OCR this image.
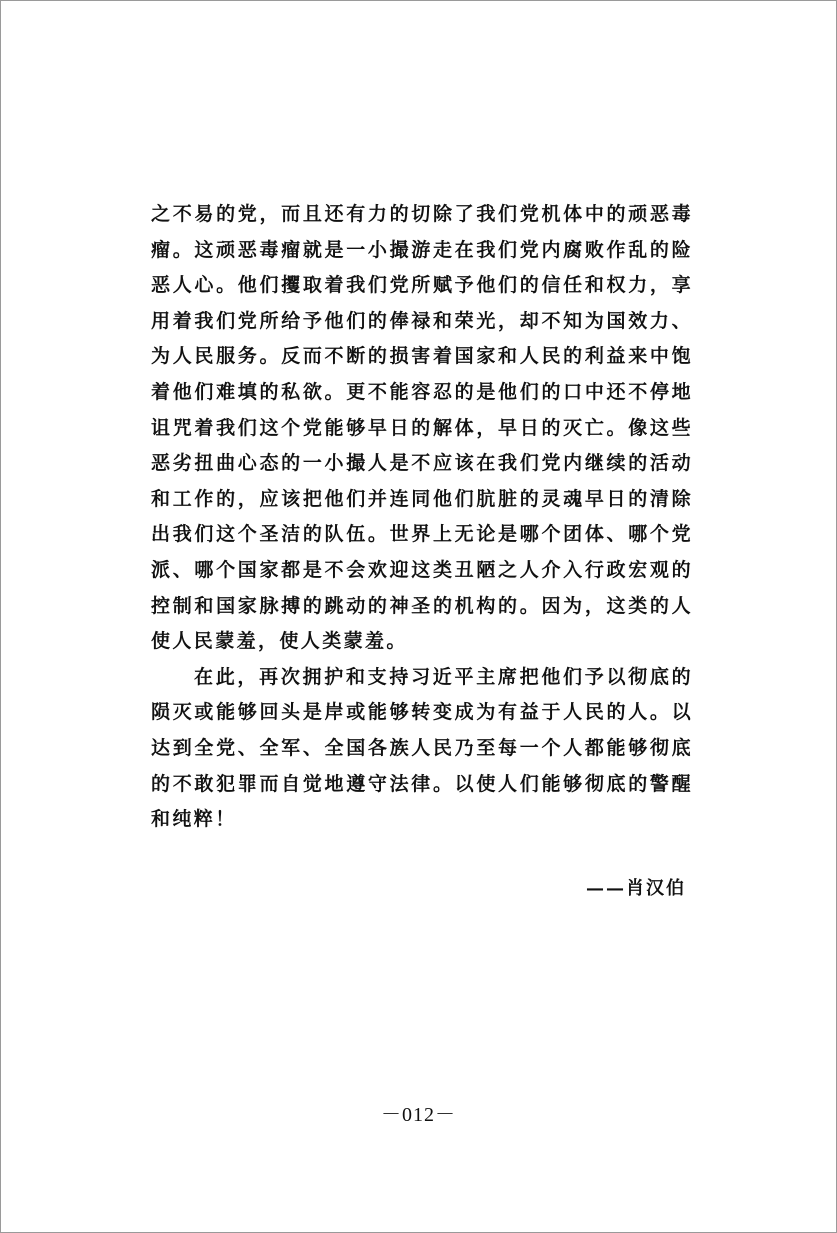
之不易的党，而且还有力的切除了我们党机体中的顽恶毒瘤。这顽恶毒瘤就是一小撮游走在我们党内腐败作乱的险恶人心。他们攫取着我们党所赋予他们的信任和权力，享用着我们党所给予他们的俸禄和荣光，却不知为国效力、为人民服务。反而不断的损害着国家和人民的利益来中饱着他们难填的私欲。更不能容忍的是他们的口中还不停地诅咒着我们这个党能够早日的解体，早日的灭亡。像这些恶劣扭曲心态的一小撮人是不应该在我们党内继续的活动和工作的，应该把他们并连同他们肮脏的灵魂早日的清除出我们这个圣洁的队伍。世界上无论是哪个团体、哪个党派、哪个国家都是不会欢迎这类丑陋之人介入行政宏观的控制和国家脉搏的跳动的神圣的机构的。因为，这类的人使人民蒙羞，使人类蒙羞。

在此，再次拥护和支持习近平主席把他们予以彻底的陨灭或能够回头是岸或能够转变成为有益于人民的人。以达到全党、全军、全国各族人民乃至每一个人都能够彻底的不敢犯罪而自觉地遵守法律。以使人们能够彻底的警醒和纯粹！

——肖汉伯
－012－
